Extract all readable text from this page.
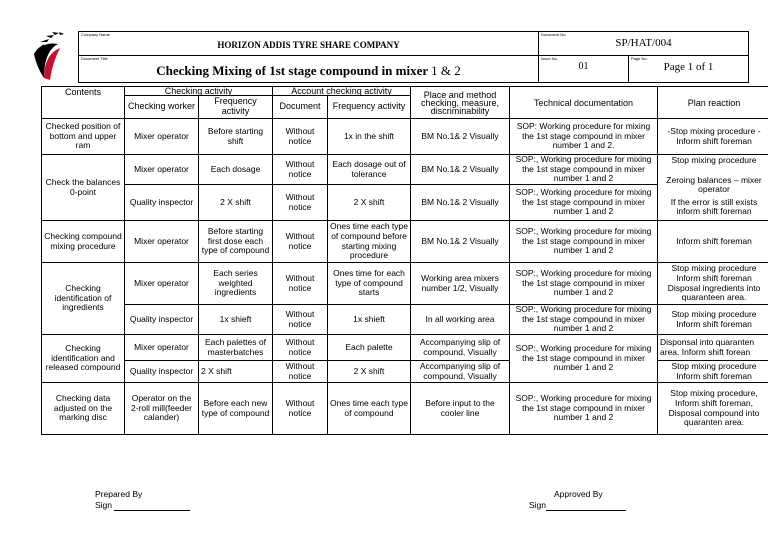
Company Name
HORIZON ADDIS TYRE SHARE COMPANY	Document No.
SP/HAT/004	

Document Title
Checking Mixing of 1st stage compound in mixer 1 & 2	Issue No.
01	Page No.
Page 1 of 1
Contents	Checking activity		Account checking activity		Place and method checking, measure, discriminability	Technical documentation	Plan reaction
	Checking worker	Frequency activity	Document	Frequency activity			
Checked position of bottom and upper ram	Mixer operator	Before starting shift	Without notice	1x in the shift	BM No.1& 2 Visually	SOP: Working procedure for mixing the 1st stage compound in mixer number 1 and 2.	-Stop mixing procedure -Inform shift foreman
Check the balances 0-point	Mixer operator	Each dosage	Without notice	Each dosage out of tolerance	BM No.1& 2 Visually	SOP:, Working procedure for mixing the 1st stage compound in mixer number 1 and 2	Stop mixing procedure
Zeroing balances – mixer operator
If the error is still exists inform shift foreman

	Quality inspector	2 X shift	Without notice	2 X shift	BM No.1& 2 Visually	SOP:, Working procedure for mixing the 1st stage compound in mixer number 1 and 2	
Checking compound mixing procedure	Mixer operator	Before starting first dose each type of compound	Without notice	Ones time each type of compound before starting mixing procedure	BM No.1& 2 Visually	SOP:, Working procedure for mixing the 1st stage compound in mixer number 1 and 2	Inform shift foreman
Checking identification of ingredients	Mixer operator	Each series weighted ingredients	Without notice	Ones time for each type of compound starts	Working area mixers number 1/2, Visually	SOP:, Working procedure for mixing the 1st stage compound in mixer number 1 and 2	Stop mixing procedure Inform shift foreman Disposal ingredients into quaranteen area.
	Quality inspector	1x shieft	Without notice	1x shieft	In all working area	SOP:, Working procedure for mixing the 1st stage compound in mixer number 1 and 2	Stop mixing procedure Inform shift foreman
Checking identification and released compound	Mixer operator	Each palettes of masterbatches	Without notice	Each palette	Accompanying slip of compound, Visually	SOP:, Working procedure for mixing the 1st stage compound in mixer number 1 and 2	Disponsal into quaranten area. Inform shift forean
	Quality inspector	2 X shift	Without notice	2 X shift	Accompanying slip of compound, Visually		Stop mixing procedure Inform shift foreman
Checking data adjusted on the marking disc	Operator on the 2-roll mill(feeder calander)	Before each new type of compound	Without notice	Ones time each type of compound	Before input to the cooler line	SOP:, Working procedure for mixing the 1st stage compound in mixer number 1 and 2	Stop mixing procedure, Inform shift foreman, Disposal compound into quaranten area.
Prepared By
Sign
Approved By
Sign
